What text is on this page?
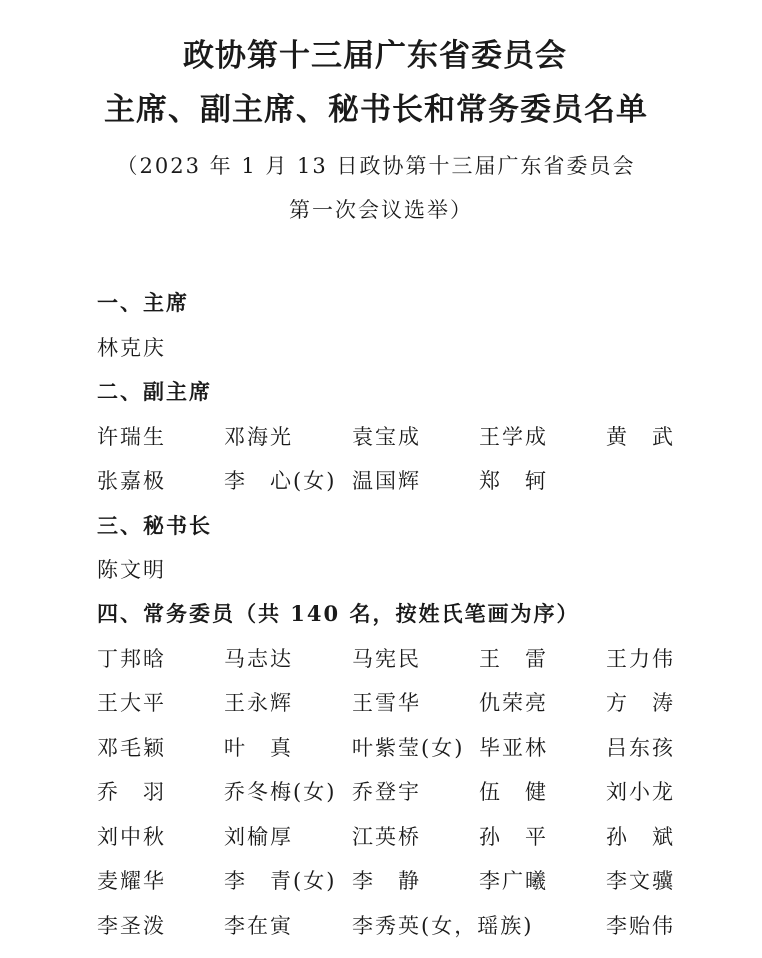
政协第十三届广东省委员会
主席、副主席、秘书长和常务委员名单
（2023 年 1 月 13 日政协第十三届广东省委员会
第一次会议选举）
一、主席
林克庆
二、副主席
许瑞生	邓海光	袁宝成	王学成	黄　武
张嘉极	李　心(女) 温国辉	郑　轲
三、秘书长
陈文明
四、常务委员（共 140 名，按姓氏笔画为序）
丁邦晗	马志达	马宪民	王　雷	王力伟
王大平	王永辉	王雪华	仇荣亮	方　涛
邓毛颖	叶　真	叶紫莹(女) 毕亚林	吕东孩
乔　羽	乔冬梅(女) 乔登宇	伍　健	刘小龙
刘中秋	刘榆厚	江英桥	孙　平	孙　斌
麦耀华	李　青(女) 李　静	李广曦	李文骥
李圣泼	李在寅	李秀英(女，瑶族)	李贻伟
